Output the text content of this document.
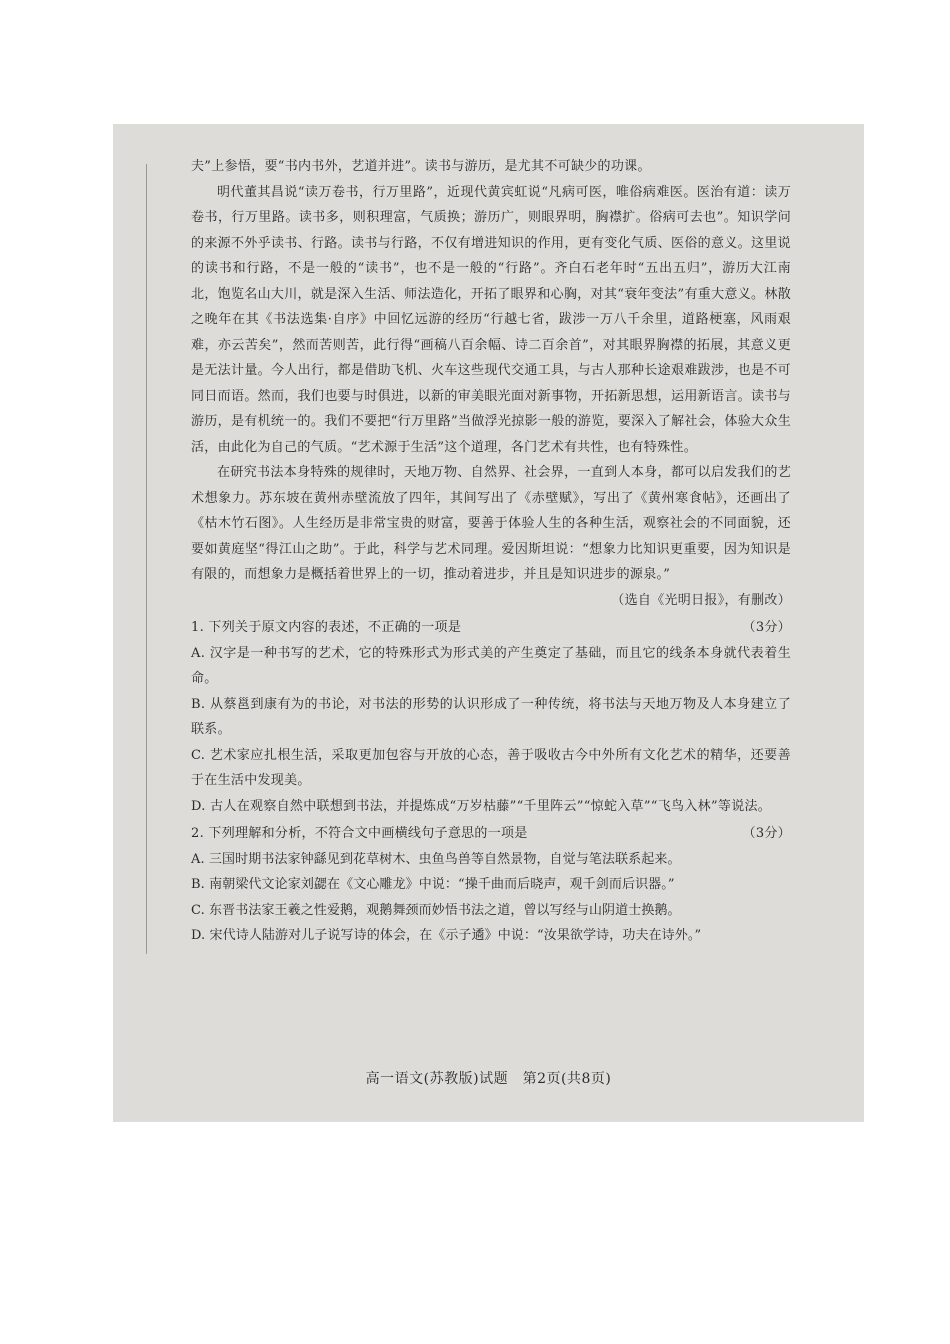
夫”上参悟，要“书内书外，艺道并进”。读书与游历，是尤其不可缺少的功课。

明代董其昌说“读万卷书，行万里路”，近现代黄宾虹说“凡病可医，唯俗病难医。医治有道：读万卷书，行万里路。读书多，则积理富，气质换；游历广，则眼界明，胸襟扩。俗病可去也”。知识学问的来源不外乎读书、行路。读书与行路，不仅有增进知识的作用，更有变化气质、医俗的意义。这里说的读书和行路，不是一般的“读书”，也不是一般的“行路”。齐白石老年时“五出五归”，游历大江南北，饱览名山大川，就是深入生活、师法造化，开拓了眼界和心胸，对其“衰年变法”有重大意义。林散之晚年在其《书法选集·自序》中回忆远游的经历“行越七省，跋涉一万八千余里，道路梗塞，风雨艰难，亦云苦矣”，然而苦则苦，此行得“画稿八百余幅、诗二百余首”，对其眼界胸襟的拓展，其意义更是无法计量。今人出行，都是借助飞机、火车这些现代交通工具，与古人那种长途艰难跋涉，也是不可同日而语。然而，我们也要与时俱进，以新的审美眼光面对新事物，开拓新思想，运用新语言。读书与游历，是有机统一的。我们不要把“行万里路”当做浮光掠影一般的游览，要深入了解社会，体验大众生活，由此化为自己的气质。“艺术源于生活”这个道理，各门艺术有共性，也有特殊性。

在研究书法本身特殊的规律时，天地万物、自然界、社会界，一直到人本身，都可以启发我们的艺术想象力。苏东坡在黄州赤壁流放了四年，其间写出了《赤壁赋》，写出了《黄州寒食帖》，还画出了《枯木竹石图》。人生经历是非常宝贵的财富，要善于体验人生的各种生活，观察社会的不同面貌，还要如黄庭坚“得江山之助”。于此，科学与艺术同理。爱因斯坦说：“想象力比知识更重要，因为知识是有限的，而想象力是概括着世界上的一切，推动着进步，并且是知识进步的源泉。”

（选自《光明日报》，有删改）

1. 下列关于原文内容的表述，不正确的一项是	（3分）

A. 汉字是一种书写的艺术，它的特殊形式为形式美的产生奠定了基础，而且它的线条本身就代表着生命。

B. 从蔡邕到康有为的书论，对书法的形势的认识形成了一种传统，将书法与天地万物及人本身建立了联系。

C. 艺术家应扎根生活，采取更加包容与开放的心态，善于吸收古今中外所有文化艺术的精华，还要善于在生活中发现美。

D. 古人在观察自然中联想到书法，并提炼成“万岁枯藤”“千里阵云”“惊蛇入草”“飞鸟入林”等说法。

2. 下列理解和分析，不符合文中画横线句子意思的一项是	（3分）

A. 三国时期书法家钟繇见到花草树木、虫鱼鸟兽等自然景物，自觉与笔法联系起来。

B. 南朝梁代文论家刘勰在《文心雕龙》中说：“操千曲而后晓声，观千剑而后识器。”

C. 东晋书法家王羲之性爱鹅，观鹅舞颈而妙悟书法之道，曾以写经与山阴道士换鹅。

D. 宋代诗人陆游对儿子说写诗的体会，在《示子遹》中说：“汝果欲学诗，功夫在诗外。”

高一语文(苏教版)试题　第2页(共8页)
